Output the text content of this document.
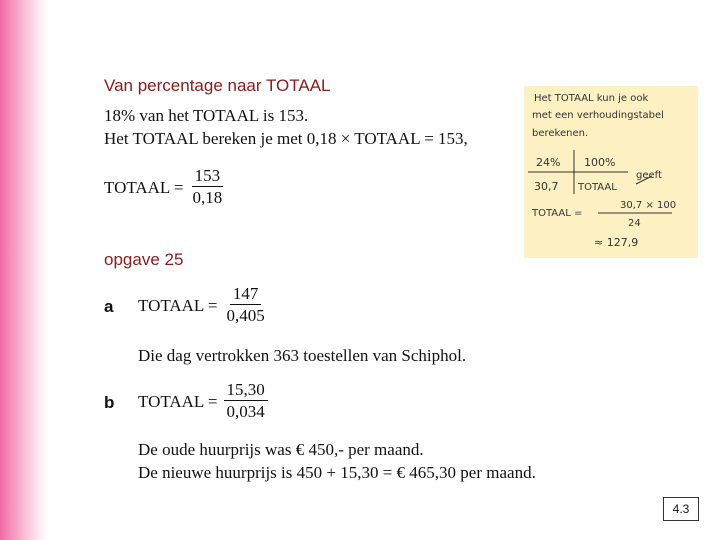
Van percentage naar TOTAAL
18% van het TOTAAL is 153.
Het TOTAAL bereken je met 0,18 × TOTAAL = 153,
TOTAAL = $\frac{153}{0,18}$
Het TOTAAL kun je ook
met een verhoudingstabel
berekenen.
24% 100%
30,7 TOTAAL
geeft
TOTAAL =
30,7 × 100
24
≈ 127,9
opgave 25
a TOTAAL = $\frac{147}{0,405}$
Die dag vertrokken 363 toestellen van Schiphol.
b TOTAAL = $\frac{15,30}{0,034}$
De oude huurprijs was € 450,- per maand.
De nieuwe huurprijs is 450 + 15,30 = € 465,30 per maand.
4.3
